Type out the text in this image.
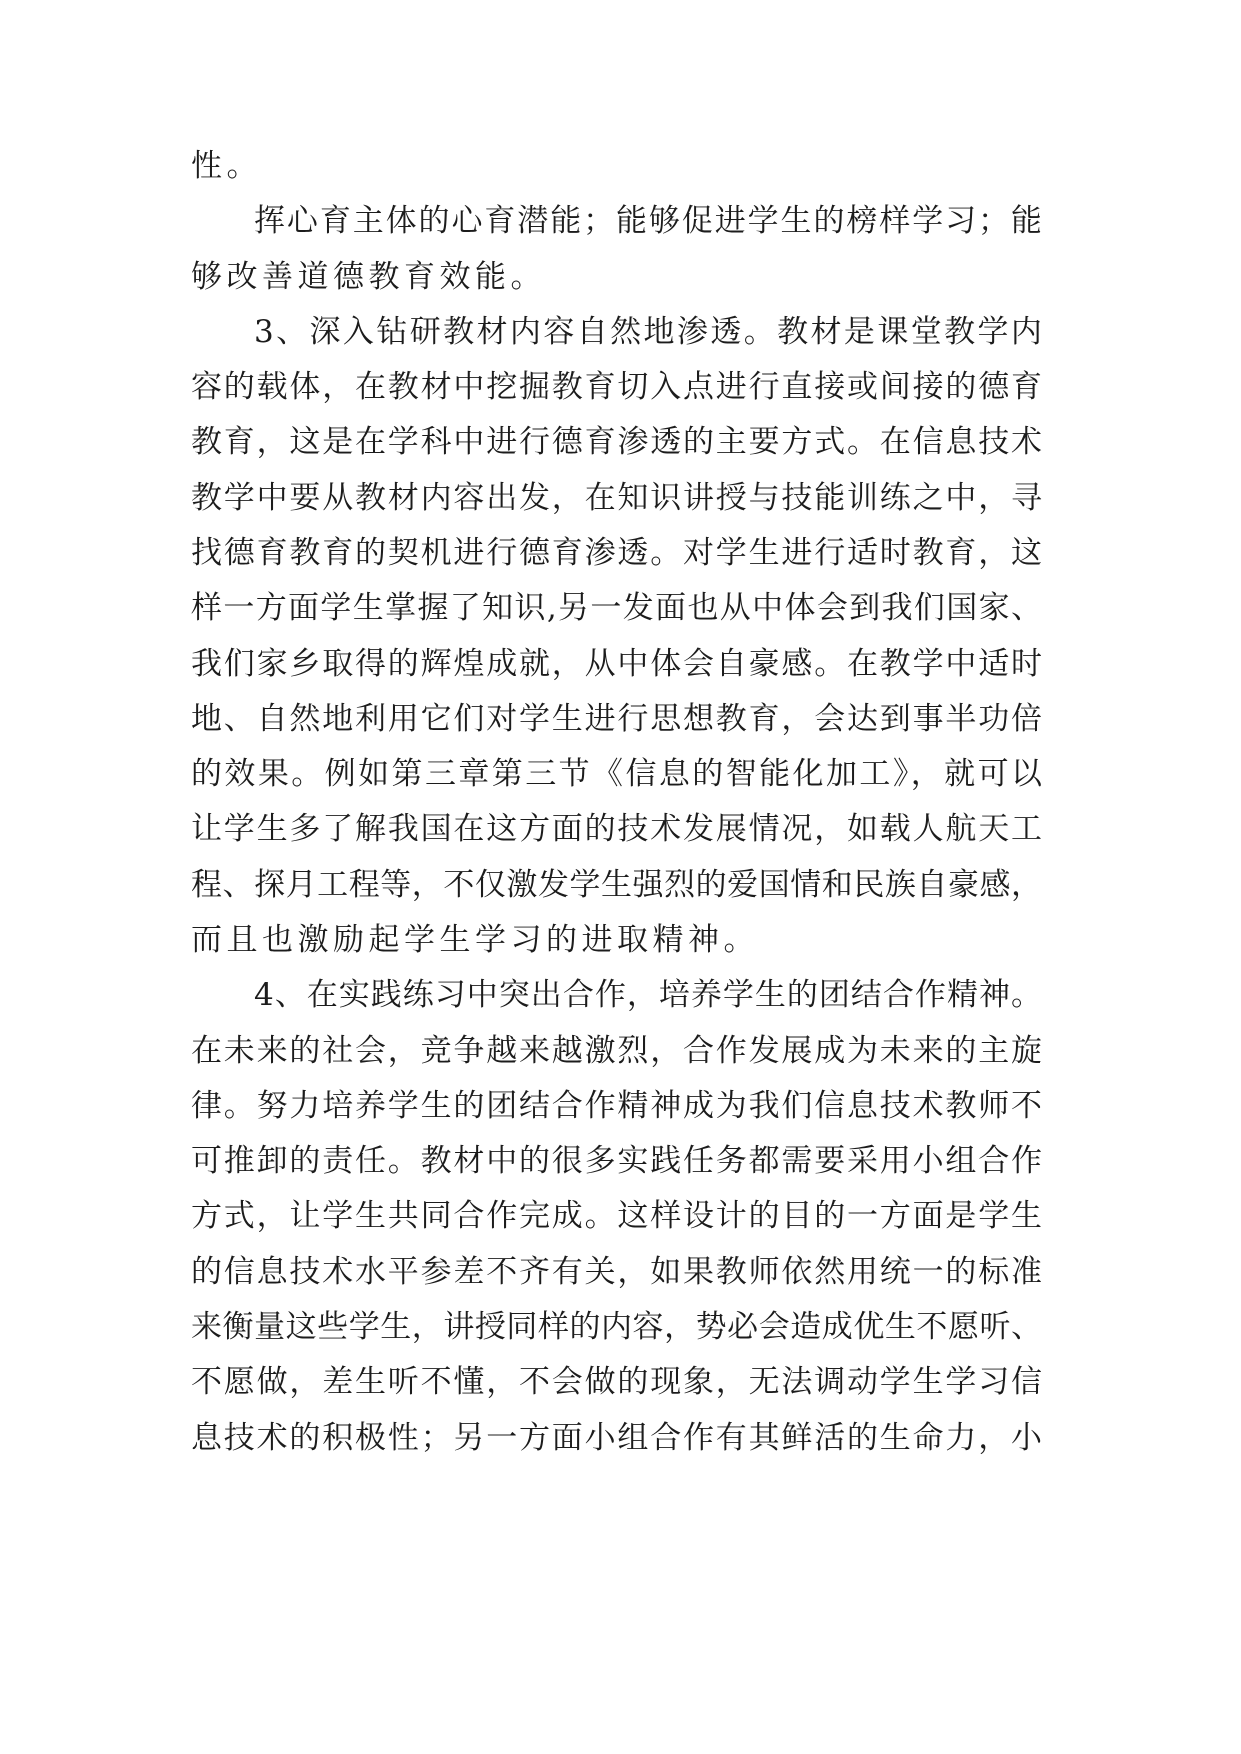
性。
挥心育主体的心育潜能；能够促进学生的榜样学习；能
够改善道德教育效能。
3、深入钻研教材内容自然地渗透。教材是课堂教学内
容的载体，在教材中挖掘教育切入点进行直接或间接的德育
教育，这是在学科中进行德育渗透的主要方式。在信息技术
教学中要从教材内容出发，在知识讲授与技能训练之中，寻
找德育教育的契机进行德育渗透。对学生进行适时教育，这
样一方面学生掌握了知识,另一发面也从中体会到我们国家、
我们家乡取得的辉煌成就，从中体会自豪感。在教学中适时
地、自然地利用它们对学生进行思想教育，会达到事半功倍
的效果。例如第三章第三节《信息的智能化加工》，就可以
让学生多了解我国在这方面的技术发展情况，如载人航天工
程、探月工程等，不仅激发学生强烈的爱国情和民族自豪感，
而且也激励起学生学习的进取精神。
4、在实践练习中突出合作，培养学生的团结合作精神。
在未来的社会，竞争越来越激烈，合作发展成为未来的主旋
律。努力培养学生的团结合作精神成为我们信息技术教师不
可推卸的责任。教材中的很多实践任务都需要采用小组合作
方式，让学生共同合作完成。这样设计的目的一方面是学生
的信息技术水平参差不齐有关，如果教师依然用统一的标准
来衡量这些学生，讲授同样的内容，势必会造成优生不愿听、
不愿做，差生听不懂，不会做的现象，无法调动学生学习信
息技术的积极性；另一方面小组合作有其鲜活的生命力，小
